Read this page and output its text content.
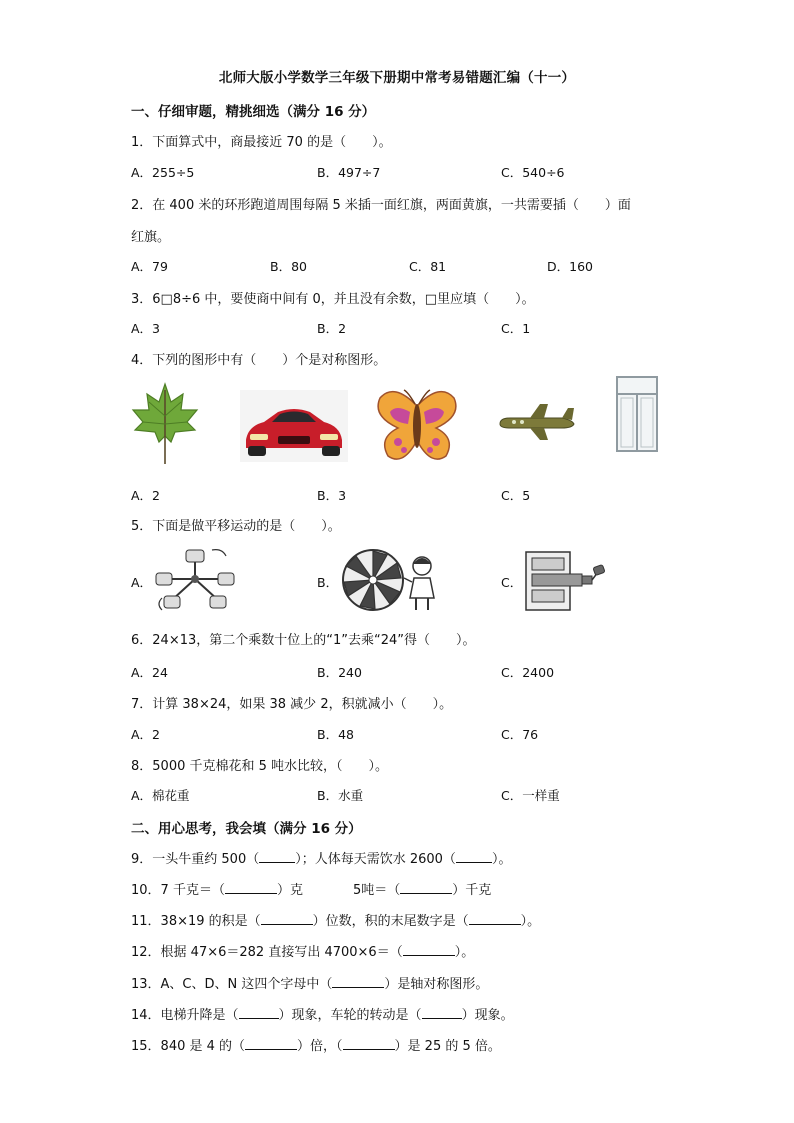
北师大版小学数学三年级下册期中常考易错题汇编（十一）
一、仔细审题，精挑细选（满分 16 分）
1．下面算式中，商最接近 70 的是（　　）。
A．255÷5	B．497÷7	C．540÷6
2．在 400 米的环形跑道周围每隔 5 米插一面红旗，两面黄旗，一共需要插（　　）面
红旗。
A．79	B．80	C．81	D．160
3．6□8÷6 中，要使商中间有 0，并且没有余数，□里应填（　　）。
A．3	B．2	C．1
4．下列的图形中有（　　）个是对称图形。
A．2	B．3	C．5
5．下面是做平移运动的是（　　）。
A．	B．	C．
6．24×13，第二个乘数十位上的“1”去乘“24”得（　　）。
A．24	B．240	C．2400
7．计算 38×24，如果 38 减少 2，积就减小（　　）。
A．2	B．48	C．76
8．5000 千克棉花和 5 吨水比较，（　　）。
A．棉花重	B．水重	C．一样重
二、用心思考，我会填（满分 16 分）
9．一头牛重约 500（	）；人体每天需饮水 2600（	）。
10．7 千克＝（	）克	5吨＝（	）千克
11．38×19 的积是（	）位数，积的末尾数字是（	）。
12．根据 47×6＝282 直接写出 4700×6＝（	）。
13．A、C、D、N 这四个字母中（	）是轴对称图形。
14．电梯升降是（	）现象，车轮的转动是（	）现象。
15．840 是 4 的（	）倍，（	）是 25 的 5 倍。
